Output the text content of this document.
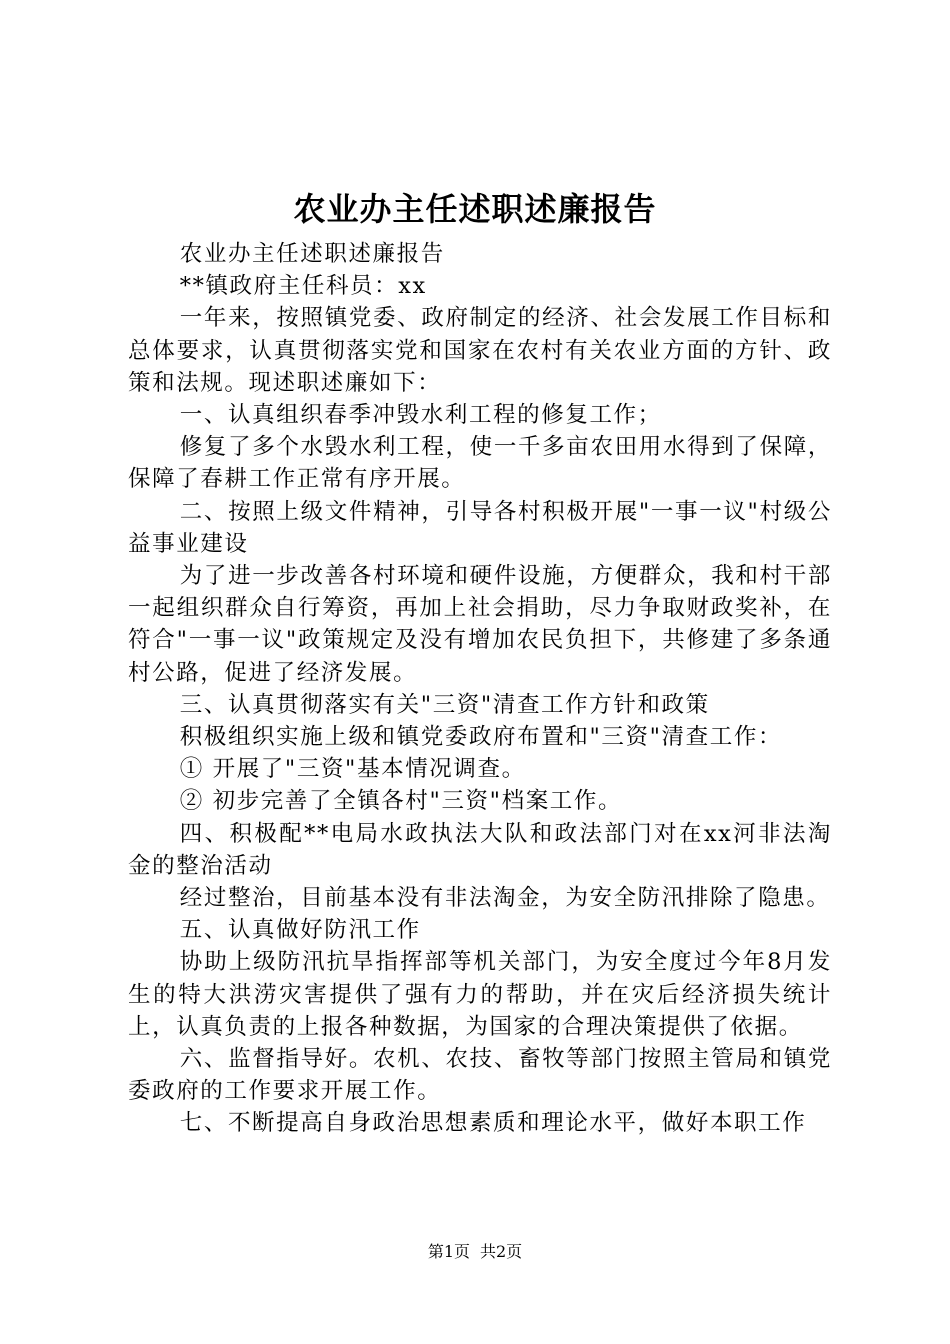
农业办主任述职述廉报告

农业办主任述职述廉报告

**镇政府主任科员：xx

一年来，按照镇党委、政府制定的经济、社会发展工作目标和总体要求，认真贯彻落实党和国家在农村有关农业方面的方针、政策和法规。现述职述廉如下：

一、认真组织春季冲毁水利工程的修复工作；

修复了多个水毁水利工程，使一千多亩农田用水得到了保障，保障了春耕工作正常有序开展。

二、按照上级文件精神，引导各村积极开展"一事一议"村级公益事业建设

为了进一步改善各村环境和硬件设施，方便群众，我和村干部一起组织群众自行筹资，再加上社会捐助，尽力争取财政奖补，在符合"一事一议"政策规定及没有增加农民负担下，共修建了多条通村公路，促进了经济发展。

三、认真贯彻落实有关"三资"清查工作方针和政策

积极组织实施上级和镇党委政府布置和"三资"清查工作：

① 开展了"三资"基本情况调查。

② 初步完善了全镇各村"三资"档案工作。

四、积极配**电局水政执法大队和政法部门对在xx河非法淘金的整治活动

经过整治，目前基本没有非法淘金，为安全防汛排除了隐患。

五、认真做好防汛工作

协助上级防汛抗旱指挥部等机关部门，为安全度过今年8月发生的特大洪涝灾害提供了强有力的帮助，并在灾后经济损失统计上，认真负责的上报各种数据，为国家的合理决策提供了依据。

六、监督指导好。农机、农技、畜牧等部门按照主管局和镇党委政府的工作要求开展工作。

七、不断提高自身政治思想素质和理论水平，做好本职工作

第1页 共2页
